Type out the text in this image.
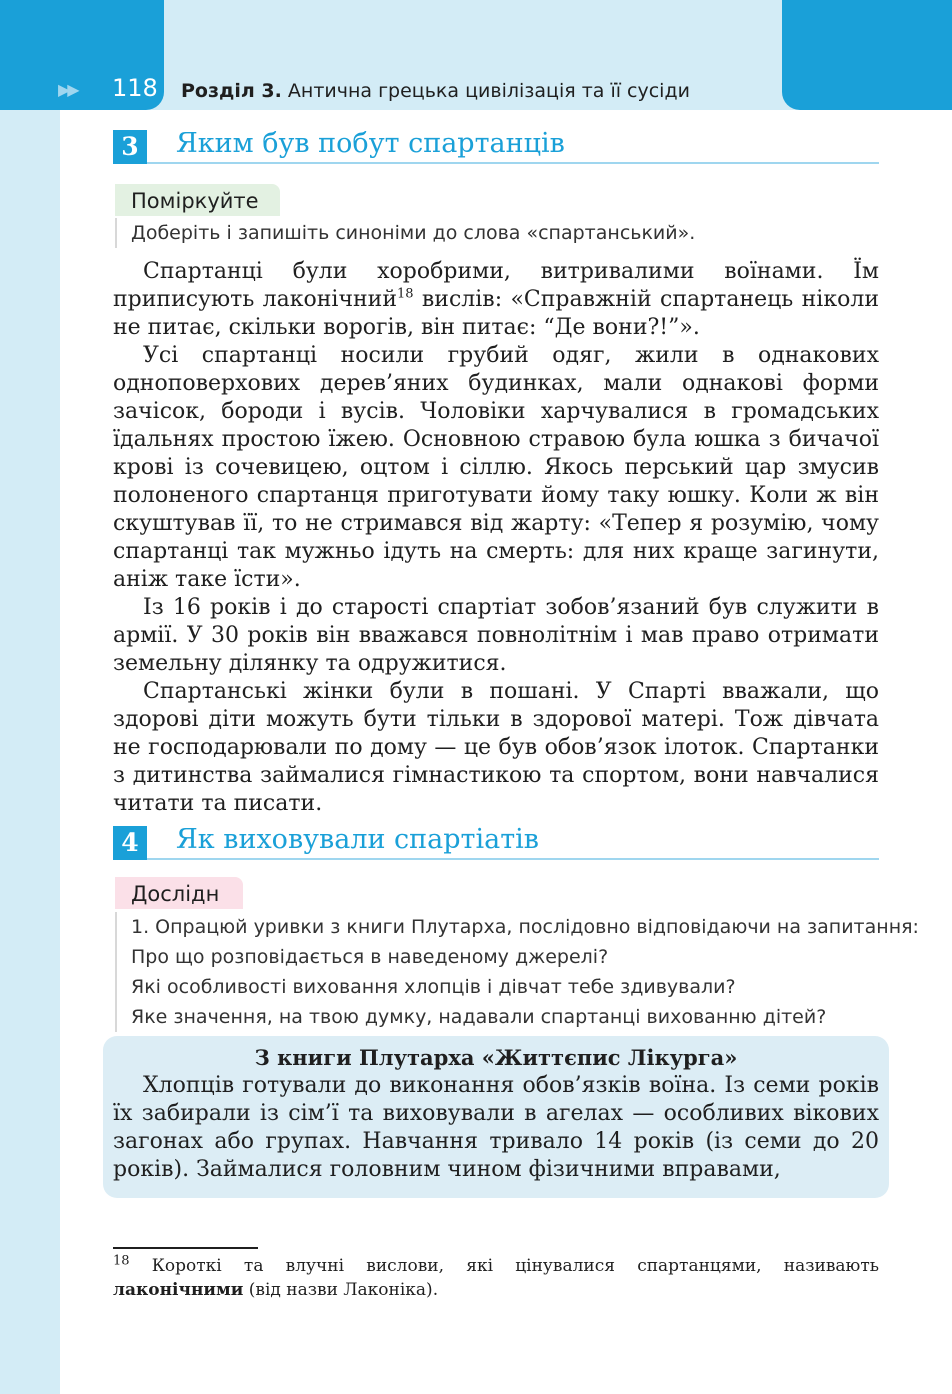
▶▶ 118 Розділ 3. Антична грецька цивілізація та її сусіди
3	Яким був побут спартанців
Поміркуйте

Доберіть і запишіть синоніми до слова «спартанський».

Спартанці були хоробрими, витривалими воїнами. Їм приписують лаконічний$^{18}$ вислів: «Справжній спартанець ніколи не питає, скільки ворогів, він питає: “Де вони?!”».

Усі спартанці носили грубий одяг, жили в однакових одноповерхових дерев’яних будинках, мали однакові форми зачісок, бороди і вусів. Чоловіки харчувалися в громадських їдальнях простою їжею. Основною стравою була юшка з бичачої крові із сочевицею, оцтом і сіллю. Якось перський цар змусив полоненого спартанця приготувати йому таку юшку. Коли ж він скуштував її, то не стримався від жарту: «Тепер я розумію, чому спартанці так мужньо ідуть на смерть: для них краще загинути, аніж таке їсти».

Із 16 років і до старості спартіат зобов’язаний був служити в армії. У 30 років він вважався повнолітнім і мав право отримати земельну ділянку та одружитися.

Спартанські жінки були в пошані. У Спарті вважали, що здорові діти можуть бути тільки в здорової матері. Тож дівчата не господарювали по дому — це був обов’язок ілоток. Спартанки з дитинства займалися гімнастикою та спортом, вони навчалися читати та писати.

4	Як виховували спартіатів
Дослідн

1. Опрацюй уривки з книги Плутарха, послідовно відповідаючи на запитання:

Про що розповідається в наведеному джерелі?

Які особливості виховання хлопців і дівчат тебе здивували?

Яке значення, на твою думку, надавали спартанці вихованню дітей?

З книги Плутарха «Життєпис Лікурга»

Хлопців готували до виконання обов’язків воїна. Із семи років їх забирали із сім’ї та виховували в агелах — особливих вікових загонах або групах. Навчання тривало 14 років (із семи до 20 років). Займалися головним чином фізичними вправами,

$^{18}$ Короткі та влучні вислови, які цінувалися спартанцями, називають лаконічними (від назви Лаконіка).
